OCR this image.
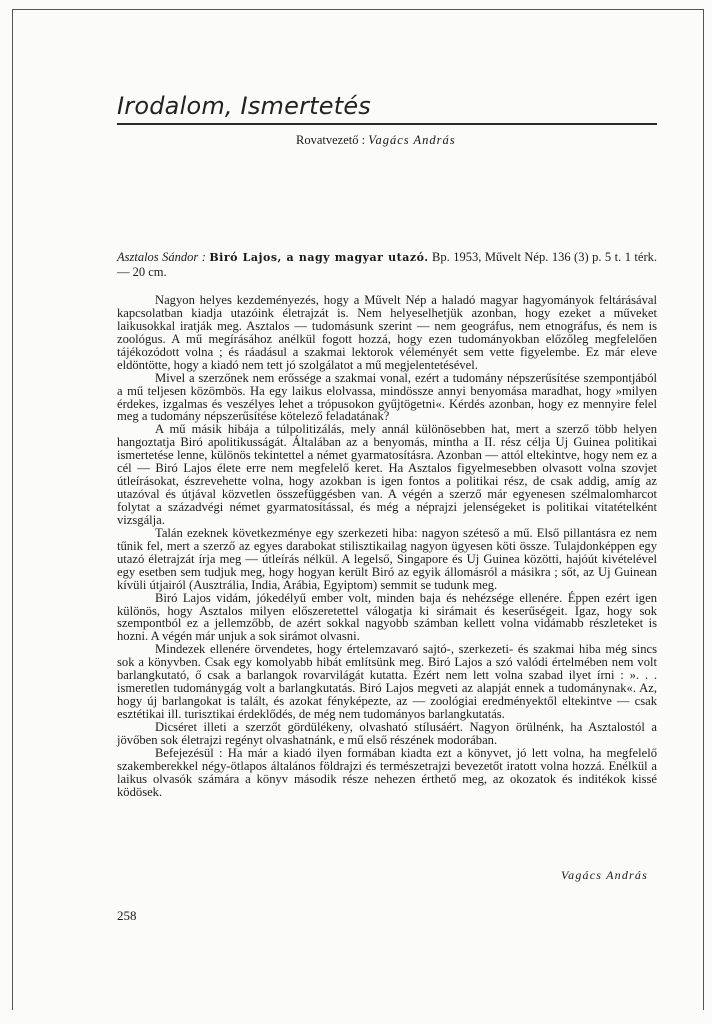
Irodalom, Ismertetés
Rovatvezető : Vagács András
Asztalos Sándor : Biró Lajos, a nagy magyar utazó. Bp. 1953, Művelt Nép. 136 (3) p. 5 t. 1 térk. — 20 cm.

Nagyon helyes kezdeményezés, hogy a Művelt Nép a haladó magyar hagyományok feltárásával kapcsolatban kiadja utazóink életrajzát is. Nem helyeselhetjük azonban, hogy ezeket a műveket laikusokkal iratják meg. Asztalos — tudomásunk szerint — nem geográfus, nem etnográfus, és nem is zoológus. A mű megírásához anélkül fogott hozzá, hogy ezen tudományokban előzőleg megfelelően tájékozódott volna ; és ráadásul a szakmai lektorok véleményét sem vette figyelembe. Ez már eleve eldöntötte, hogy a kiadó nem tett jó szolgálatot a mű megjelentetésével.

Mivel a szerzőnek nem erőssége a szakmai vonal, ezért a tudomány népszerűsítése szempontjából a mű teljesen közömbös. Ha egy laikus elolvassa, mindössze annyi benyomása maradhat, hogy »milyen érdekes, izgalmas és veszélyes lehet a trópusokon gyűjtögetni«. Kérdés azonban, hogy ez mennyire felel meg a tudomány népszerűsítése kötelező feladatának?

A mű másik hibája a túlpolitizálás, mely annál különösebben hat, mert a szerző több helyen hangoztatja Biró apolitikusságát. Általában az a benyomás, mintha a II. rész célja Uj Guinea politikai ismertetése lenne, különös tekintettel a német gyarmatosításra. Azonban — attól eltekintve, hogy nem ez a cél — Biró Lajos élete erre nem megfelelő keret. Ha Asztalos figyelmesebben olvasott volna szovjet útleírásokat, észrevehette volna, hogy azokban is igen fontos a politikai rész, de csak addig, amíg az utazóval és útjával közvetlen összefüggésben van. A végén a szerző már egyenesen szélmalomharcot folytat a századvégi német gyarmatosítással, és még a néprajzi jelenségeket is politikai vitatételként vizsgálja.

Talán ezeknek következménye egy szerkezeti hiba: nagyon széteső a mű. Első pillantásra ez nem tűnik fel, mert a szerző az egyes darabokat stilisztikailag nagyon ügyesen köti össze. Tulajdonképpen egy utazó életrajzát írja meg — útleírás nélkül. A legelső, Singapore és Uj Guinea közötti, hajóút kivételével egy esetben sem tudjuk meg, hogy hogyan került Biró az egyik állomásról a másikra ; sőt, az Uj Guinean kívüli útjairól (Ausztrália, India, Arábia, Egyiptom) semmit se tudunk meg.

Biró Lajos vidám, jókedélyű ember volt, minden baja és nehézsége ellenére. Éppen ezért igen különös, hogy Asztalos milyen előszeretettel válogatja ki sirámait és keserűségeit. Igaz, hogy sok szempontból ez a jellemzőbb, de azért sokkal nagyobb számban kellett volna vidámabb részleteket is hozni. A végén már unjuk a sok sirámot olvasni.

Mindezek ellenére örvendetes, hogy értelemzavaró sajtó-, szerkezeti- és szakmai hiba még sincs sok a könyvben. Csak egy komolyabb hibát említsünk meg. Biró Lajos a szó valódi értelmében nem volt barlangkutató, ő csak a barlangok rovarvilágát kutatta. Ezért nem lett volna szabad ilyet írni : ». . . ismeretlen tudománygág volt a barlangkutatás. Biró Lajos megveti az alapját ennek a tudománynak«. Az, hogy új barlangokat is talált, és azokat fényképezte, az — zoológiai eredményektől eltekintve — csak esztétikai ill. turisztikai érdeklődés, de még nem tudományos barlangkutatás.

Dicséret illeti a szerzőt gördülékeny, olvasható stílusáért. Nagyon örülnénk, ha Asztalostól a jövőben sok életrajzi regényt olvashatnánk, e mű első részének modorában.

Befejezésül : Ha már a kiadó ilyen formában kiadta ezt a könyvet, jó lett volna, ha megfelelő szakemberekkel négy-ötlapos általános földrajzi és természetrajzi bevezetőt iratott volna hozzá. Enélkül a laikus olvasók számára a könyv második része nehezen érthető meg, az okozatok és inditékok kissé ködösek.

Vagács András
258
